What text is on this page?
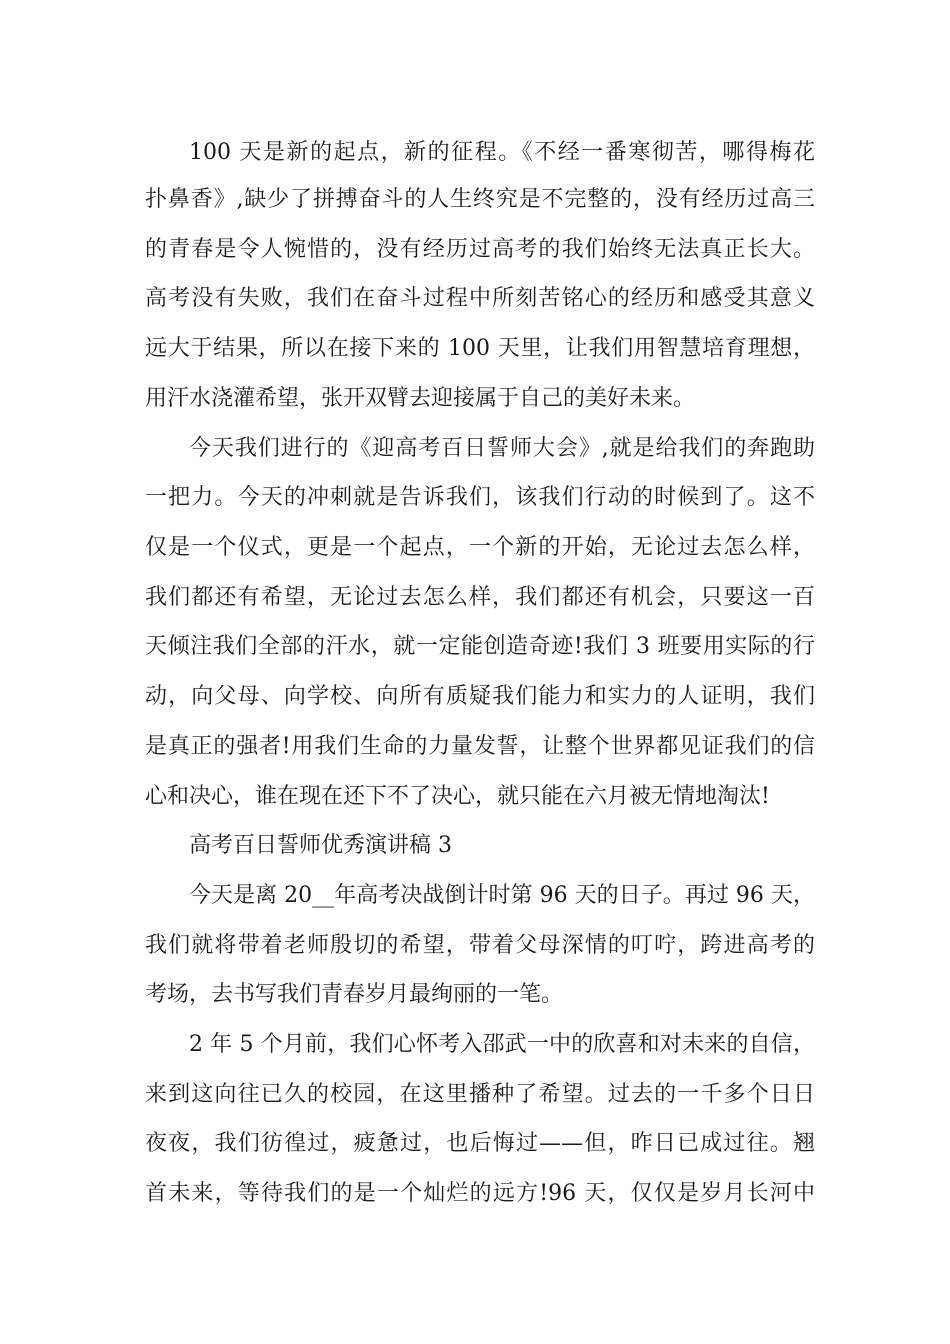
100 天是新的起点，新的征程。《不经一番寒彻苦，哪得梅花
扑鼻香》,缺少了拼搏奋斗的人生终究是不完整的，没有经历过高三
的青春是令人惋惜的，没有经历过高考的我们始终无法真正长大。
高考没有失败，我们在奋斗过程中所刻苦铭心的经历和感受其意义
远大于结果，所以在接下来的 100 天里，让我们用智慧培育理想，
用汗水浇灌希望，张开双臂去迎接属于自己的美好未来。
今天我们进行的《迎高考百日誓师大会》,就是给我们的奔跑助
一把力。今天的冲刺就是告诉我们，该我们行动的时候到了。这不
仅是一个仪式，更是一个起点，一个新的开始，无论过去怎么样，
我们都还有希望，无论过去怎么样，我们都还有机会，只要这一百
天倾注我们全部的汗水，就一定能创造奇迹!我们 3 班要用实际的行
动，向父母、向学校、向所有质疑我们能力和实力的人证明，我们
是真正的强者!用我们生命的力量发誓，让整个世界都见证我们的信
心和决心，谁在现在还下不了决心，就只能在六月被无情地淘汰!
高考百日誓师优秀演讲稿 3
今天是离 20__年高考决战倒计时第 96 天的日子。再过 96 天，
我们就将带着老师殷切的希望，带着父母深情的叮咛，跨进高考的
考场，去书写我们青春岁月最绚丽的一笔。
2 年 5 个月前，我们心怀考入邵武一中的欣喜和对未来的自信，
来到这向往已久的校园，在这里播种了希望。过去的一千多个日日
夜夜，我们彷徨过，疲惫过，也后悔过——但，昨日已成过往。翘
首未来，等待我们的是一个灿烂的远方!96 天，仅仅是岁月长河中
